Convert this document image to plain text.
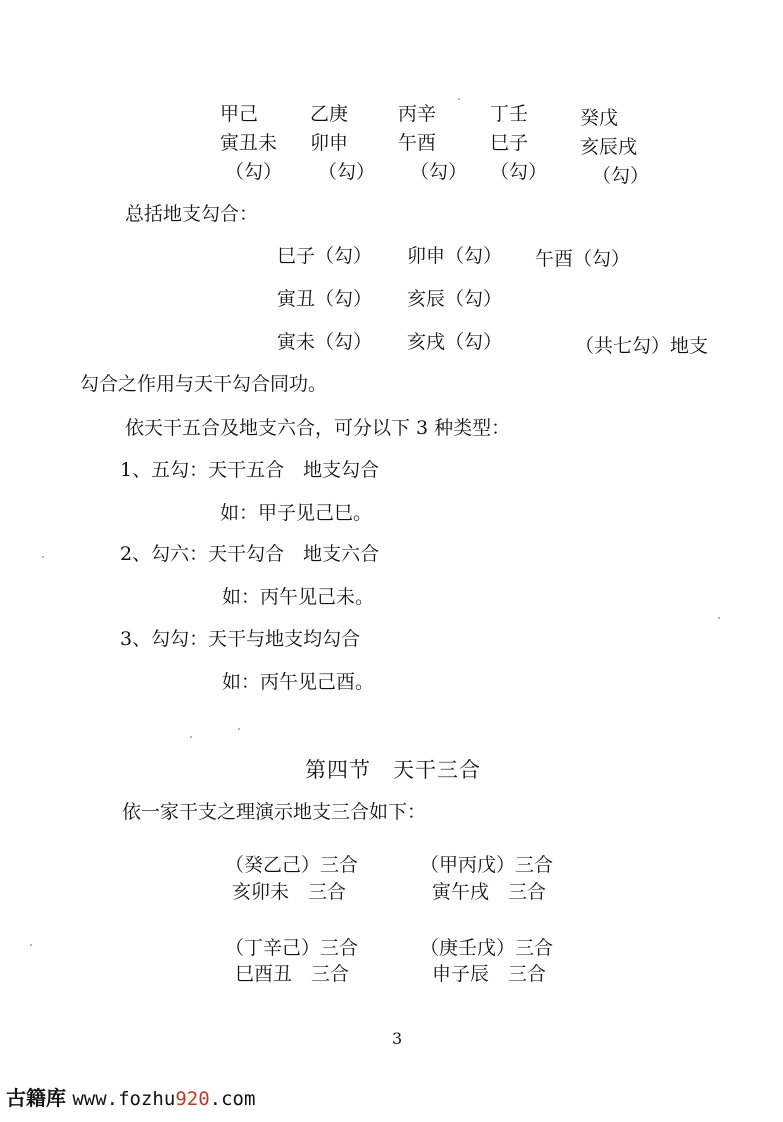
甲己
寅丑未
（勾）
乙庚
卯申
（勾）
丙辛
午酉
（勾）
丁壬
巳子
（勾）
癸戊
亥辰戌
（勾）
总括地支勾合：
巳子（勾） 卯申（勾） 午酉（勾）
寅丑（勾） 亥辰（勾）
寅未（勾） 亥戌（勾）	（共七勾）地支
勾合之作用与天干勾合同功。
依天干五合及地支六合，可分以下 3 种类型：
1、五勾：天干五合　地支勾合
如：甲子见己巳。
2、勾六：天干勾合　地支六合
如：丙午见己未。
3、勾勾：天干与地支均勾合
如：丙午见己酉。
第四节　天干三合
依一家干支之理演示地支三合如下：
（癸乙己）三合
亥卯未　三合
（甲丙戊）三合
寅午戌　三合
（丁辛己）三合
巳酉丑　三合
（庚壬戊）三合
申子辰　三合
3
古籍库 www.fozhu920.com
